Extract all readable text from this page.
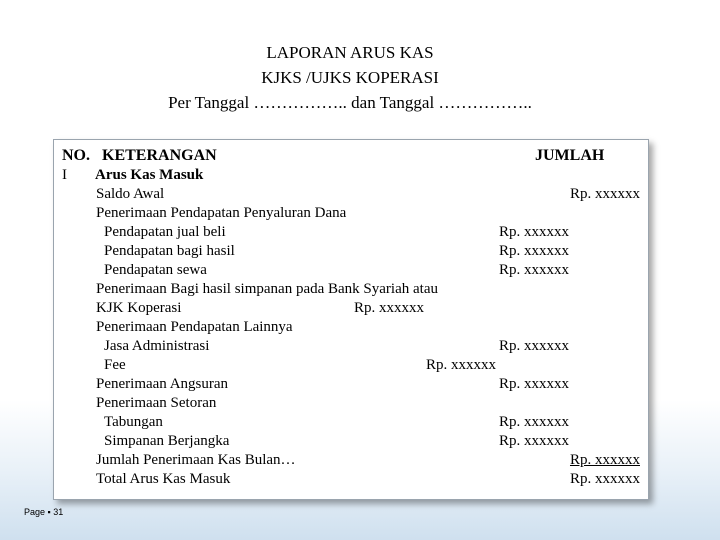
LAPORAN ARUS KAS
KJKS /UJKS KOPERASI
Per Tanggal …………….. dan Tanggal ……………..
NO. KETERANGAN	JUMLAH
I Arus Kas Masuk
Saldo Awal	Rp. xxxxxx
Penerimaan Pendapatan Penyaluran Dana
Pendapatan jual beli	Rp. xxxxxx
Pendapatan bagi hasil	Rp. xxxxxx
Pendapatan sewa	Rp. xxxxxx
Penerimaan Bagi hasil simpanan pada Bank Syariah atau
KJK Koperasi	Rp. xxxxxx
Penerimaan Pendapatan Lainnya
Jasa Administrasi	Rp. xxxxxx
Fee	Rp. xxxxxx
Penerimaan Angsuran	Rp. xxxxxx
Penerimaan Setoran
Tabungan	Rp. xxxxxx
Simpanan Berjangka	Rp. xxxxxx
Jumlah Penerimaan Kas Bulan…	Rp. xxxxxx
Total Arus Kas Masuk	Rp. xxxxxx
Page ▪ 31
